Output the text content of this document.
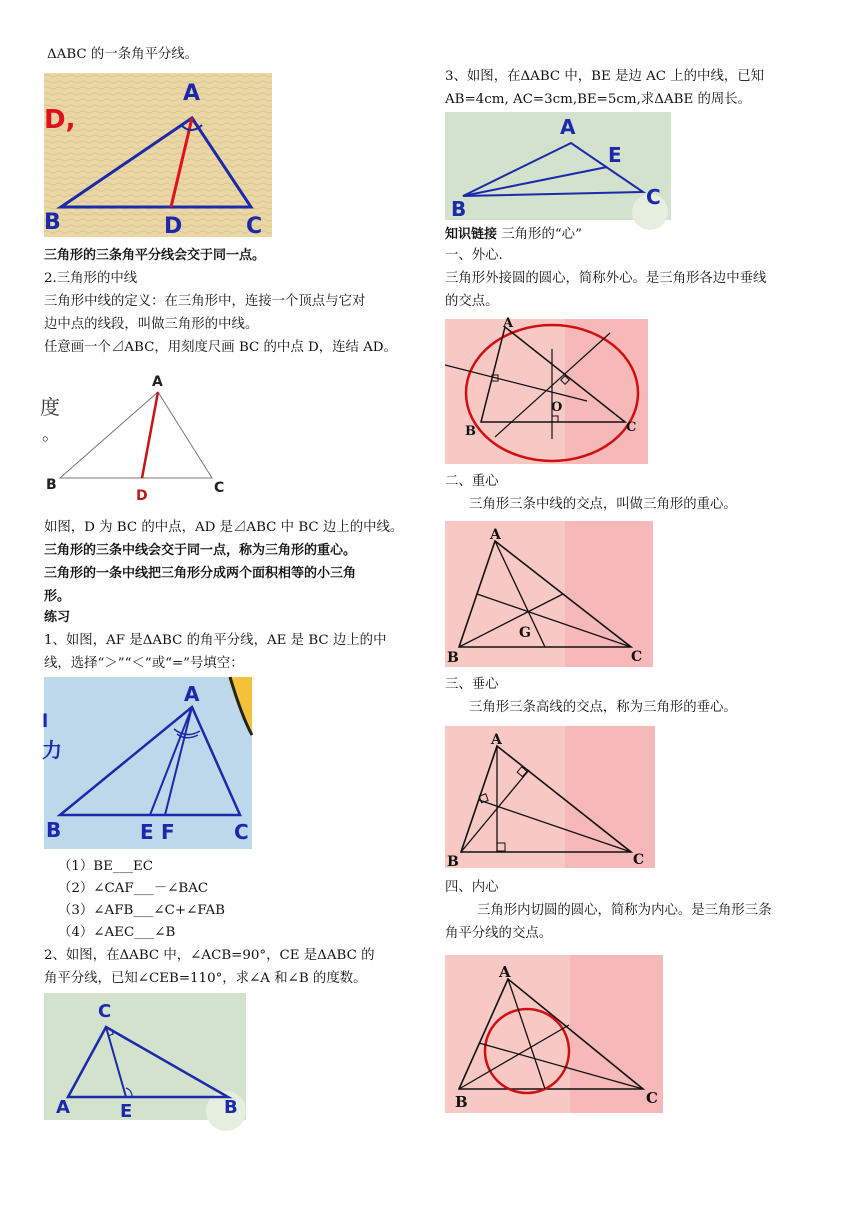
ΔABC 的一条角平分线。
D,
A
B	D	C
三角形的三条角平分线会交于同一点。
2.三角形的中线
三角形中线的定义：在三角形中，连接一个顶点与它对
边中点的线段，叫做三角形的中线。
任意画一个⊿ABC，用刻度尺画 BC 的中点 D，连结 AD。
度
。
A
B
D	C
如图，D 为 BC 的中点，AD 是⊿ABC 中 BC 边上的中线。
三角形的三条中线会交于同一点，称为三角形的重心。
三角形的一条中线把三角形分成两个面积相等的小三角
形。
练习
1、如图，AF 是ΔABC 的角平分线，AE 是 BC 边上的中
线，选择“＞”“＜”或“=”号填空：
l
力
A
B	E F	C
（1）BE___EC
（2）∠CAF___－∠BAC
（3）∠AFB___∠C+∠FAB
（4）∠AEC___∠B
2、如图，在ΔABC 中，∠ACB=90°，CE 是ΔABC 的
角平分线，已知∠CEB=110°，求∠A 和∠B 的度数。
C
A	E	B
3、如图，在ΔABC 中，BE 是边 AC 上的中线，已知
AB=4cm, AC=3cm,BE=5cm,求ΔABE 的周长。
A
E
B	C
知识链接 三角形的“心”
一、外心.
三角形外接圆的圆心，简称外心。是三角形各边中垂线
的交点。
A
B	C
O
二、重心
三角形三条中线的交点，叫做三角形的重心。
A
B	C
G
三、垂心
三角形三条高线的交点，称为三角形的垂心。
A
B	C
四、内心
三角形内切圆的圆心，简称为内心。是三角形三条
角平分线的交点。
A
B	C
